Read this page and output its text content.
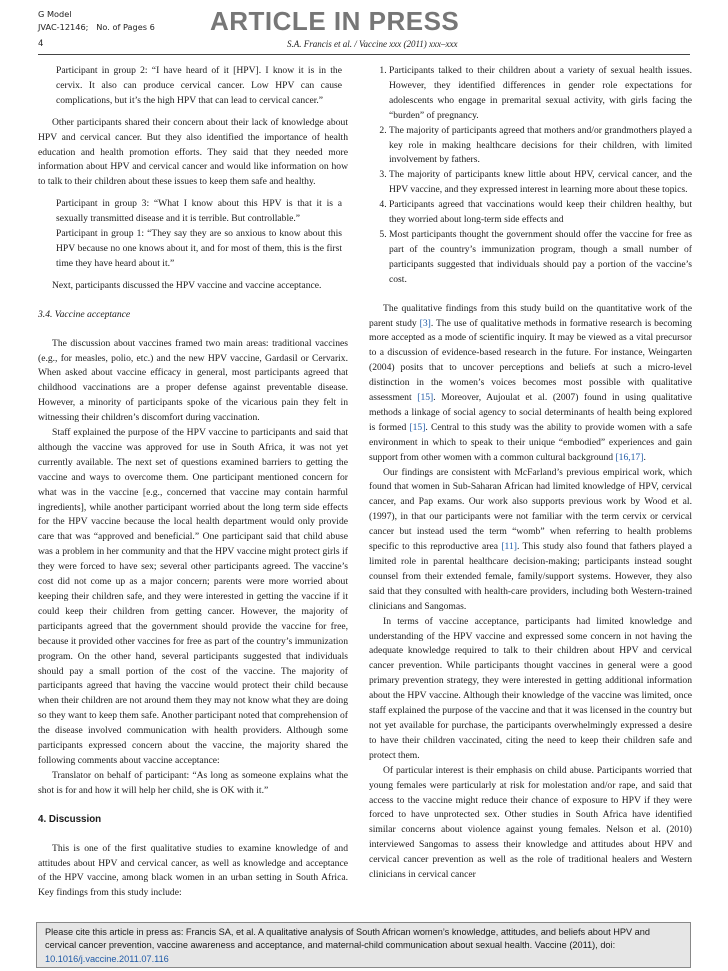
G Model
JVAC-12146; No. of Pages 6 ARTICLE IN PRESS
4	S.A. Francis et al. / Vaccine xxx (2011) xxx–xxx

Participant in group 2: “I have heard of it [HPV]. I know it is in the cervix. It also can produce cervical cancer. Low HPV can cause complications, but it’s the high HPV that can lead to cervical cancer.”

Other participants shared their concern about their lack of knowledge about HPV and cervical cancer. But they also identified the importance of health education and health promotion efforts. They said that they needed more information about HPV and cervical cancer and would like information on how to talk to their children about these issues to keep them safe and healthy.

Participant in group 3: “What I know about this HPV is that it is a sexually transmitted disease and it is terrible. But controllable.”

Participant in group 1: “They say they are so anxious to know about this HPV because no one knows about it, and for most of them, this is the first time they have heard about it.”

Next, participants discussed the HPV vaccine and vaccine acceptance.

3.4. Vaccine acceptance

The discussion about vaccines framed two main areas: traditional vaccines (e.g., for measles, polio, etc.) and the new HPV vaccine, Gardasil or Cervarix. When asked about vaccine efficacy in general, most participants agreed that childhood vaccinations are a proper defense against preventable disease. However, a minority of participants spoke of the vicarious pain they felt in witnessing their children’s discomfort during vaccination.

Staff explained the purpose of the HPV vaccine to participants and said that although the vaccine was approved for use in South Africa, it was not yet currently available. The next set of questions examined barriers to getting the vaccine and ways to overcome them. One participant mentioned concern for what was in the vaccine [e.g., concerned that vaccine may contain harmful ingredients], while another participant worried about the long term side effects for the HPV vaccine because the local health department would only provide care that was “approved and beneficial.” One participant said that child abuse was a problem in her community and that the HPV vaccine might protect girls if they were forced to have sex; several other participants agreed. The vaccine’s cost did not come up as a major concern; parents were more worried about keeping their children safe, and they were interested in getting the vaccine if it could keep their children from getting cancer. However, the majority of participants agreed that the government should provide the vaccine for free, because it provided other vaccines for free as part of the country’s immunization program. On the other hand, several participants suggested that individuals should pay a small portion of the cost of the vaccine. The majority of participants agreed that having the vaccine would protect their child because when their children are not around them they may not know what they are doing so they want to keep them safe. Another participant noted that comprehension of the disease involved communication with health providers. Although some participants expressed concern about the vaccine, the majority shared the following comments about vaccine acceptance:

Translator on behalf of participant: “As long as someone explains what the shot is for and how it will help her child, she is OK with it.”

4. Discussion

This is one of the first qualitative studies to examine knowledge of and attitudes about HPV and cervical cancer, as well as knowledge and acceptance of the HPV vaccine, among black women in an urban setting in South Africa. Key findings from this study include:

1. Participants talked to their children about a variety of sexual health issues. However, they identified differences in gender role expectations for adolescents who engage in premarital sexual activity, with girls facing the “burden” of pregnancy.
2. The majority of participants agreed that mothers and/or grandmothers played a key role in making healthcare decisions for their children, with limited involvement by fathers.
3. The majority of participants knew little about HPV, cervical cancer, and the HPV vaccine, and they expressed interest in learning more about these topics.
4. Participants agreed that vaccinations would keep their children healthy, but they worried about long-term side effects and
5. Most participants thought the government should offer the vaccine for free as part of the country’s immunization program, though a small number of participants suggested that individuals should pay a portion of the vaccine’s cost.

The qualitative findings from this study build on the quantitative work of the parent study [3]. The use of qualitative methods in formative research is becoming more accepted as a mode of scientific inquiry. It may be viewed as a vital precursor to a discussion of evidence-based research in the future. For instance, Weingarten (2004) posits that to uncover perceptions and beliefs at such a micro-level distinction in the women’s voices becomes most possible with qualitative assessment [15]. Moreover, Aujoulat et al. (2007) found in using qualitative methods a linkage of social agency to social determinants of health being explored is formed [15]. Central to this study was the ability to provide women with a safe environment in which to speak to their unique “embodied” experiences and gain support from other women with a common cultural background [16,17].

Our findings are consistent with McFarland’s previous empirical work, which found that women in Sub-Saharan African had limited knowledge of HPV, cervical cancer, and Pap exams. Our work also supports previous work by Wood et al. (1997), in that our participants were not familiar with the term cervix or cervical cancer but instead used the term “womb” when referring to health problems specific to this reproductive area [11]. This study also found that fathers played a limited role in parental healthcare decision-making; participants instead sought counsel from their extended female, family/support systems. However, they also said that they consulted with health-care providers, including both Western-trained clinicians and Sangomas.

In terms of vaccine acceptance, participants had limited knowledge and understanding of the HPV vaccine and expressed some concern in not having the adequate knowledge required to talk to their children about HPV and cervical cancer prevention. While participants thought vaccines in general were a good primary prevention strategy, they were interested in getting additional information about the HPV vaccine. Although their knowledge of the vaccine was limited, once staff explained the purpose of the vaccine and that it was licensed in the country but not yet available for purchase, the participants overwhelmingly expressed a desire to have their children vaccinated, citing the need to keep their children safe and protect them.

Of particular interest is their emphasis on child abuse. Participants worried that young females were particularly at risk for molestation and/or rape, and said that access to the vaccine might reduce their chance of exposure to HPV if they were forced to have unprotected sex. Other studies in South Africa have identified similar concerns about violence against young females. Nelson et al. (2010) interviewed Sangomas to assess their knowledge and attitudes about HPV and cervical cancer prevention as well as the role of traditional healers and Western clinicians in cervical cancer

Please cite this article in press as: Francis SA, et al. A qualitative analysis of South African women’s knowledge, attitudes, and beliefs about HPV and cervical cancer prevention, vaccine awareness and acceptance, and maternal-child communication about sexual health. Vaccine (2011), doi: 10.1016/j.vaccine.2011.07.116
